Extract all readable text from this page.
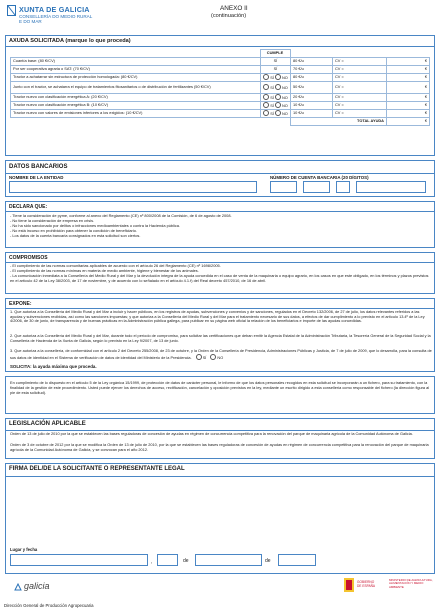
XUNTA DE GALICIA
CONSELLERÍA DO MEDIO RURAL
E DO MAR
ANEXO II
(continuación)
AXUDA SOLICITADA (marque lo que proceda)
	CUMPLE			
Cuantía base: (80 €/CV)	SÍ	80 €/u	CV =	€
Por ser cooperativa agraria o SAT: (70 €/CV)	SÍ	70 €/u	CV =	€
Tractor a achatarrar sin estructura de protección homologada: (80 €/CV)	SÍ NO	80 €/u	CV =	€
Junto con el tractor, se achatarra el equipo de tratamientos fitosanitarios o de distribución de fertilizantes (50 €/CV)	SÍ NO	50 €/u	CV =	€
Tractor nuevo con clasificación energética A: (20 €/CV)	SÍ NO	20 €/u	CV =	€
Tractor nuevo con clasificación energética B: (10 €/CV)	SÍ NO	10 €/u	CV =	€
Tractor nuevo con valores de emisiones inferiores a los exigidos: (10 €/CV)	SÍ NO	10 €/u	CV =	€
		TOTAL AYUDA		€
DATOS BANCARIOS
NOMBRE DE LA ENTIDAD	NÚMERO DE CUENTA BANCARIA (20 DÍGITOS)
DECLARA QUE:
- Tiene la consideración de pyme, conforme al anexo del Reglamento (CE) nº 800/2008 de la Comisión, de 6 de agosto de 2008.
- No tiene la consideración de empresa en crisis.
- No ha sido sancionado por delitos o infracciones medioambientales o contra la Hacienda pública.
- No está incurso en prohibición para obtener la condición de beneficiario.
- Los datos de la cuenta bancaria consignados en esta solicitud son ciertos.
COMPROMISOS
- El cumplimiento de las normas comunitarias aplicables de acuerdo con el artículo 26 del Reglamento (CE) nº 1698/2005.
- El cumplimiento de las normas mínimas en materia de medio ambiente, higiene y bienestar de los animales.
- La comunicación inmediata a la Consellería del Medio Rural y del Mar y la devolución íntegra de la ayuda concedida en el caso de venta de la maquinaria o equipo agrario, en los casos en que este obligado, en los términos y plazos previstos en el artículo 42 de la Ley 38/2003, de 17 de noviembre, y de acuerdo con lo señalado en el artículo 4.1.f) del Real decreto 457/2010, de 16 de abril.
EXPONE:
1. Que autoriza a la Consellería del Medio Rural y del Mar a incluir y hacer públicos, en los registros de ayudas, subvenciones y convenios y de sanciones, regulados en el Decreto 132/2006, de 27 de julio, los datos relevantes referidos a las ayudas y subvenciones recibidas, así como las sanciones impuestas; y que autoriza a la Consellería del Medio Rural y del Mar para el tratamiento necesario de sus datos, a efectos de dar cumplimiento a lo previsto en el artículo 13.4º de la Ley 4/2006, de 30 de junio, de transparencia y de buenas prácticas en la Administración pública gallega, para publicar en su página web oficial la relación de los beneficiarios e importe de las ayudas concedidas.
2. Que autoriza a la Consellería del Medio Rural y del Mar, durante todo el período de compromiso, para solicitar las certificaciones que deban emitir la Agencia Estatal de la Administración Tributaria, la Tesorería General de la Seguridad Social y la Consellería de Hacienda de la Xunta de Galicia, según lo previsto en la Ley 9/2007, de 13 de junio.
3. Que autoriza a la consellería, de conformidad con el artículo 2 del Decreto 255/2008, de 23 de octubre, y la Orden de la Consellería de Presidencia, Administraciones Públicas y Justicia, de 7 de julio de 2009, que lo desarrolla, para la consulta de sus datos de identidad en el Sistema de verificación de datos de identidad del Ministerio de la Presidencia.	SÍ	NO
SOLICITA: la ayuda máxima que proceda.
En cumplimiento de lo dispuesto en el artículo 5 de la Ley orgánica 15/1999, de protección de datos de carácter personal, le informo de que los datos personales recogidos en esta solicitud se incorporarán a un fichero, para su tratamiento, con la finalidad de la gestión de este procedimiento. Usted puede ejercer los derechos de acceso, rectificación, cancelación y oposición previstos en la ley, mediante un escrito dirigido a esta consellería como responsable del fichero (la dirección figura al pie de esta solicitud).
LEGISLACIÓN APLICABLE
Orden de 13 de julio de 2010 por la que se establecen las bases reguladoras de concesión de ayudas en régimen de concurrencia competitiva para la renovación del parque de maquinaria agrícola de la Comunidad Autónoma de Galicia.
Orden de 3 de octubre de 2012 por la que se modifica la Orden de 13 de julio de 2010, por la que se establecen las bases reguladoras de concesión de ayudas en régimen de concurrencia competitiva para la renovación del parque de maquinaria agrícola de la Comunidad Autónoma de Galicia, y se convocan para el año 2012.
FIRMA DEL/DE LA SOLICITANTE O REPRESENTANTE LEGAL
Lugar y fecha
,	de	de
galicia	GOBIERNO
DE ESPAÑA
MINISTERIO DE AGRICULTURA, ALIMENTACIÓN Y MEDIO AMBIENTE
Dirección General de Producción Agropecuaria
